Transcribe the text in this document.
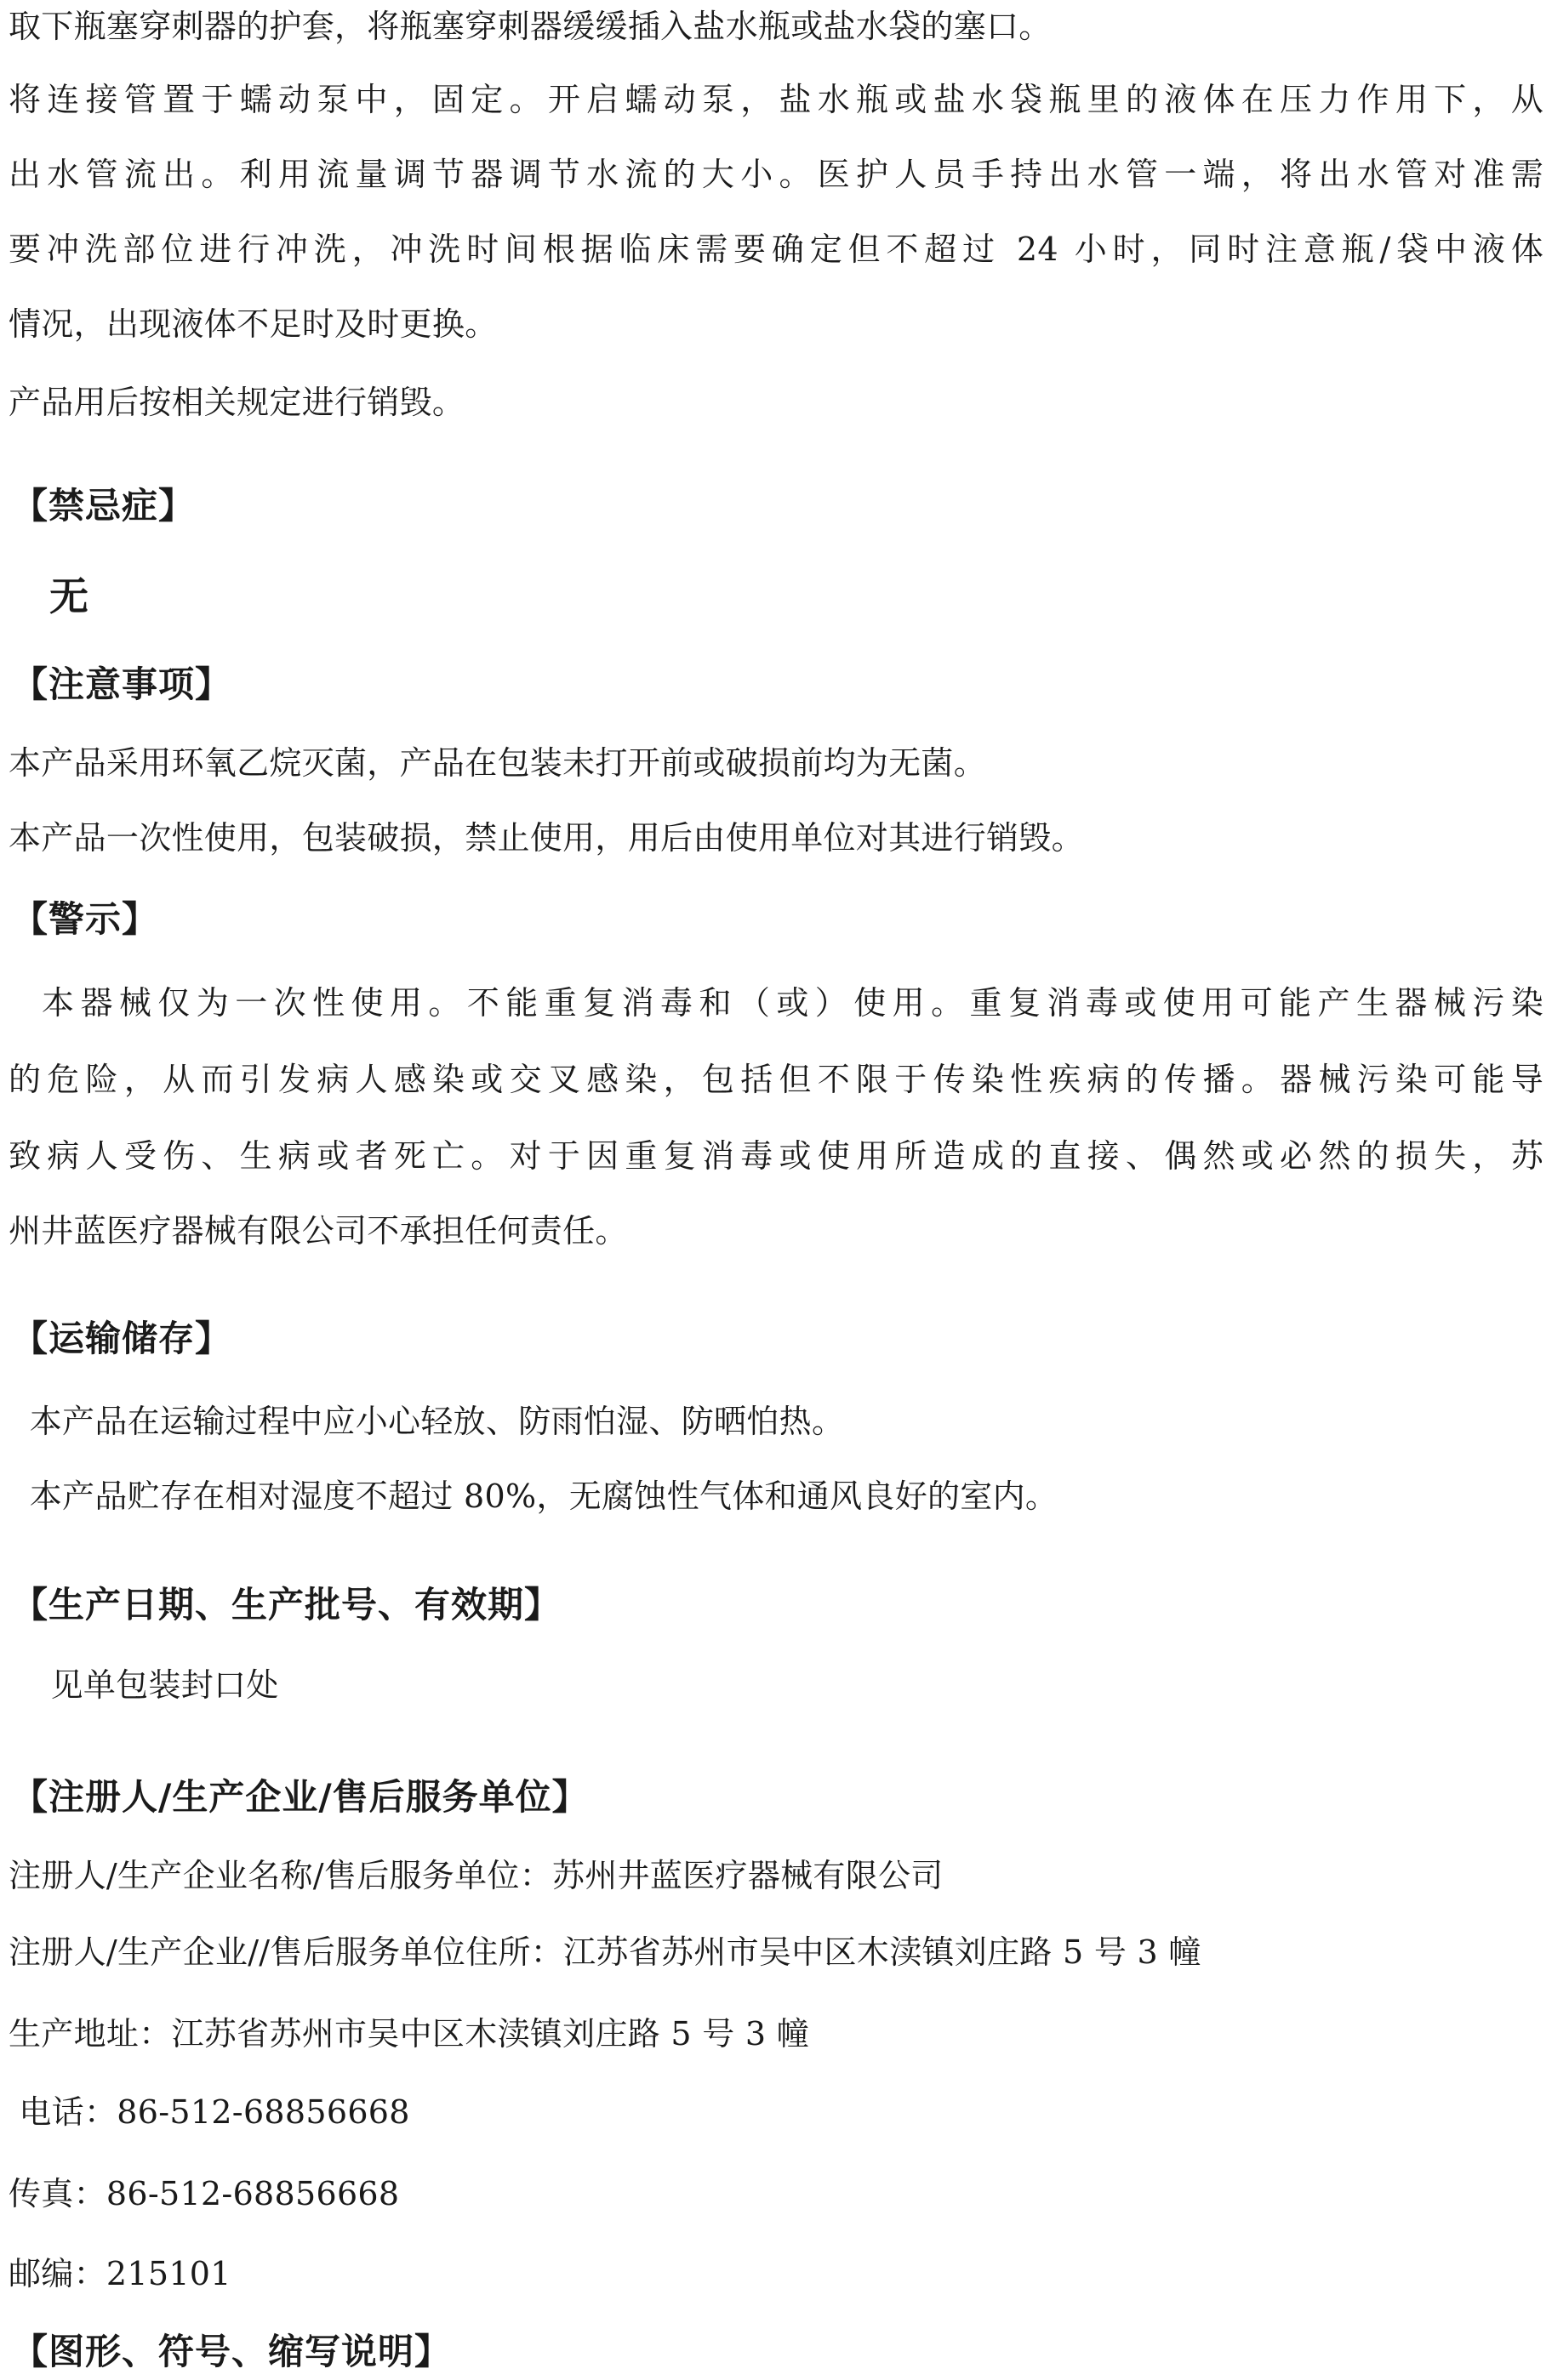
取下瓶塞穿刺器的护套，将瓶塞穿刺器缓缓插入盐水瓶或盐水袋的塞口。
将连接管置于蠕动泵中，固定。开启蠕动泵，盐水瓶或盐水袋瓶里的液体在压力作用下，从
出水管流出。利用流量调节器调节水流的大小。医护人员手持出水管一端，将出水管对准需
要冲洗部位进行冲洗，冲洗时间根据临床需要确定但不超过 24 小时，同时注意瓶/袋中液体
情况，出现液体不足时及时更换。
产品用后按相关规定进行销毁。
【禁忌症】
无
【注意事项】
本产品采用环氧乙烷灭菌，产品在包装未打开前或破损前均为无菌。
本产品一次性使用，包装破损，禁止使用，用后由使用单位对其进行销毁。
【警示】
本器械仅为一次性使用。不能重复消毒和（或）使用。重复消毒或使用可能产生器械污染
的危险，从而引发病人感染或交叉感染，包括但不限于传染性疾病的传播。器械污染可能导
致病人受伤、生病或者死亡。对于因重复消毒或使用所造成的直接、偶然或必然的损失，苏
州井蓝医疗器械有限公司不承担任何责任。
【运输储存】
本产品在运输过程中应小心轻放、防雨怕湿、防晒怕热。
本产品贮存在相对湿度不超过 80%，无腐蚀性气体和通风良好的室内。
【生产日期、生产批号、有效期】
见单包装封口处
【注册人/生产企业/售后服务单位】
注册人/生产企业名称/售后服务单位：苏州井蓝医疗器械有限公司
注册人/生产企业//售后服务单位住所：江苏省苏州市吴中区木渎镇刘庄路 5 号 3 幢
生产地址：江苏省苏州市吴中区木渎镇刘庄路 5 号 3 幢
电话：86-512-68856668
传真：86-512-68856668
邮编：215101
【图形、符号、缩写说明】
